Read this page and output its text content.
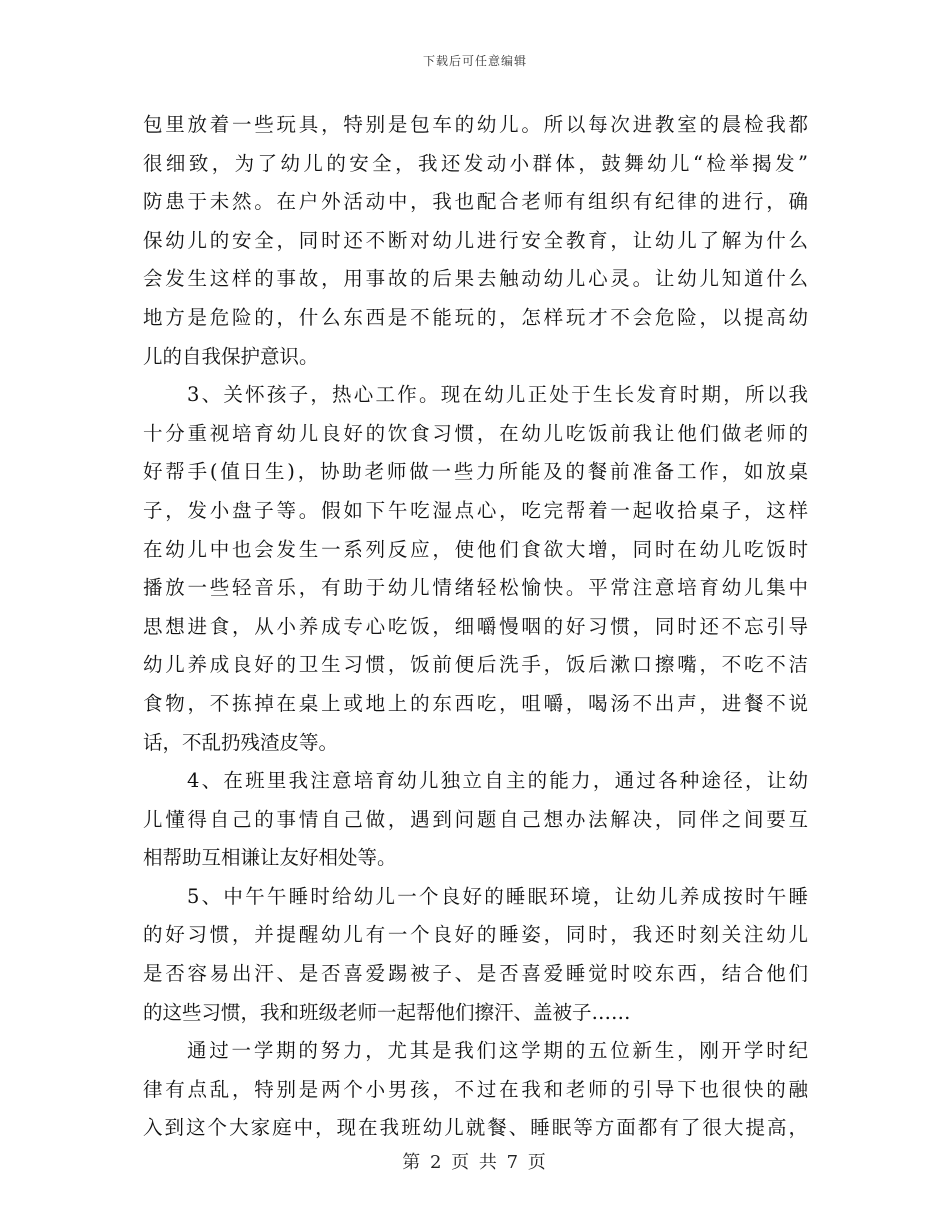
下载后可任意编辑
包里放着一些玩具，特别是包车的幼儿。所以每次进教室的晨检我都
很细致，为了幼儿的安全，我还发动小群体，鼓舞幼儿“检举揭发”
防患于未然。在户外活动中，我也配合老师有组织有纪律的进行，确
保幼儿的安全，同时还不断对幼儿进行安全教育，让幼儿了解为什么
会发生这样的事故，用事故的后果去触动幼儿心灵。让幼儿知道什么
地方是危险的，什么东西是不能玩的，怎样玩才不会危险，以提高幼
儿的自我保护意识。
3、关怀孩子，热心工作。现在幼儿正处于生长发育时期，所以我
十分重视培育幼儿良好的饮食习惯，在幼儿吃饭前我让他们做老师的
好帮手(值日生)，协助老师做一些力所能及的餐前准备工作，如放桌
子，发小盘子等。假如下午吃湿点心，吃完帮着一起收拾桌子，这样
在幼儿中也会发生一系列反应，使他们食欲大增，同时在幼儿吃饭时
播放一些轻音乐，有助于幼儿情绪轻松愉快。平常注意培育幼儿集中
思想进食，从小养成专心吃饭，细嚼慢咽的好习惯，同时还不忘引导
幼儿养成良好的卫生习惯，饭前便后洗手，饭后漱口擦嘴，不吃不洁
食物，不拣掉在桌上或地上的东西吃，咀嚼，喝汤不出声，进餐不说
话，不乱扔残渣皮等。
4、在班里我注意培育幼儿独立自主的能力，通过各种途径，让幼
儿懂得自己的事情自己做，遇到问题自己想办法解决，同伴之间要互
相帮助互相谦让友好相处等。
5、中午午睡时给幼儿一个良好的睡眠环境，让幼儿养成按时午睡
的好习惯，并提醒幼儿有一个良好的睡姿，同时，我还时刻关注幼儿
是否容易出汗、是否喜爱踢被子、是否喜爱睡觉时咬东西，结合他们
的这些习惯，我和班级老师一起帮他们擦汗、盖被子……
通过一学期的努力，尤其是我们这学期的五位新生，刚开学时纪
律有点乱，特别是两个小男孩，不过在我和老师的引导下也很快的融
入到这个大家庭中，现在我班幼儿就餐、睡眠等方面都有了很大提高，
第 2 页 共 7 页
